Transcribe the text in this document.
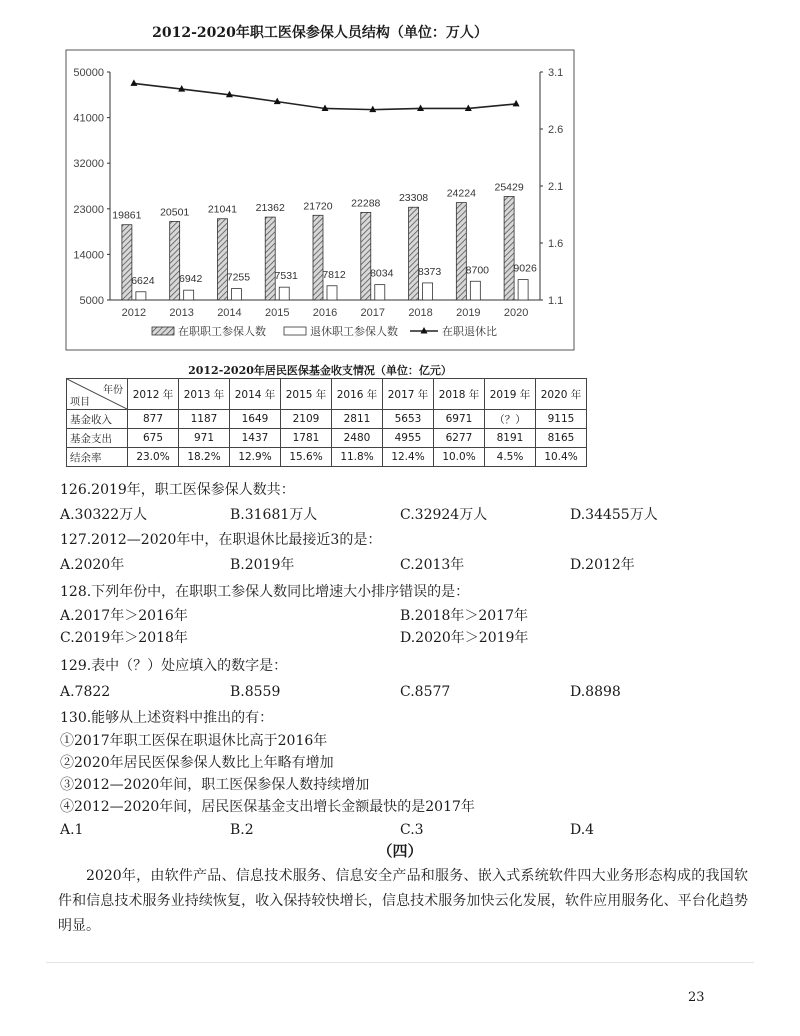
2012-2020年职工医保参保人员结构（单位：万人）
50000
41000
32000
23000
14000
5000
3.1
2.6
2.1
1.6
1.1
2012
19861
6624
2013
20501
6942
2014
21041
7255
2015
21362
7531
2016
21720
7812
2017
22288
8034
2018
23308
8373
2019
24224
8700
2020
25429
9026
在职职工参保人数	退休职工参保人数	在职退休比
2012-2020年居民医保基金收支情况（单位：亿元）
年份
项目	2012 年	2013 年	2014 年	2015 年	2016 年	2017 年	2018 年	2019 年	2020 年
基金收入	877	1187	1649	2109	2811	5653	6971	（？）	9115
基金支出	675	971	1437	1781	2480	4955	6277	8191	8165
结余率	23.0%	18.2%	12.9%	15.6%	11.8%	12.4%	10.0%	4.5%	10.4%
126.2019年，职工医保参保人数共：
A.30322万人	B.31681万人	C.32924万人	D.34455万人
127.2012—2020年中，在职退休比最接近3的是：
A.2020年	B.2019年	C.2013年	D.2012年
128.下列年份中，在职职工参保人数同比增速大小排序错误的是：
A.2017年＞2016年	B.2018年＞2017年
C.2019年＞2018年	D.2020年＞2019年
129.表中（？）处应填入的数字是：
A.7822	B.8559	C.8577	D.8898
130.能够从上述资料中推出的有：
①2017年职工医保在职退休比高于2016年
②2020年居民医保参保人数比上年略有增加
③2012—2020年间，职工医保参保人数持续增加
④2012—2020年间，居民医保基金支出增长金额最快的是2017年
A.1	B.2	C.3	D.4
（四）
2020年，由软件产品、信息技术服务、信息安全产品和服务、嵌入式系统软件四大业务形态构成的我国软件和信息技术服务业持续恢复，收入保持较快增长，信息技术服务加快云化发展，软件应用服务化、平台化趋势明显。
23
